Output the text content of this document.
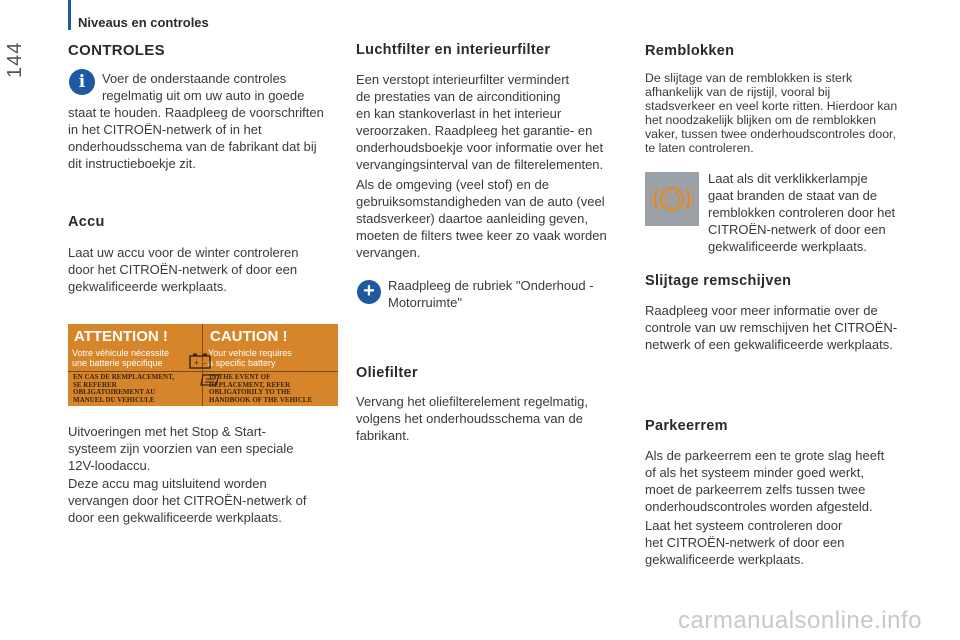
Niveaus en controles
144	CONTROLES
i	Voer de onderstaande controles

regelmatig uit om uw auto in goede

staat te houden. Raadpleeg de voorschriften

in het CITROËN-netwerk of in het

onderhoudsschema van de fabrikant dat bij

dit instructieboekje zit.

Accu

Laat uw accu voor de winter controleren

door het CITROËN-netwerk of door een

gekwalificeerde werkplaats.

ATTENTION !
Votre véhicule nécessite
une batterie spécifique
EN CAS DE REMPLACEMENT,
SE REFERER
OBLIGATOIREMENT AU
MANUEL DU VEHICULE
CAUTION !
Your vehicle requires
a specific battery
IN THE EVENT OF
REPLACEMENT, REFER
OBLIGATORILY TO THE
HANDBOOK OF THE VEHICLE
+ –

Uitvoeringen met het Stop & Start-

systeem zijn voorzien van een speciale

12V-loodaccu.

Deze accu mag uitsluitend worden

vervangen door het CITROËN-netwerk of

door een gekwalificeerde werkplaats.

Luchtfilter en interieurfilter

Een verstopt interieurfilter vermindert

de prestaties van de airconditioning

en kan stankoverlast in het interieur

veroorzaken. Raadpleeg het garantie- en

onderhoudsboekje voor informatie over het

vervangingsinterval van de filterelementen.

Als de omgeving (veel stof) en de

gebruiksomstandigheden van de auto (veel

stadsverkeer) daartoe aanleiding geven,

moeten de filters twee keer zo vaak worden

vervangen.

+	Raadpleeg de rubriek "Onderhoud -

Motorruimte"

Oliefilter

Vervang het oliefilterelement regelmatig,

volgens het onderhoudsschema van de

fabrikant.

Remblokken

De slijtage van de remblokken is sterk

afhankelijk van de rijstijl, vooral bij

stadsverkeer en veel korte ritten. Hierdoor kan

het noodzakelijk blijken om de remblokken

vaker, tussen twee onderhoudscontroles door,

te laten controleren.

Laat als dit verklikkerlampje

gaat branden de staat van de

remblokken controleren door het

CITROËN-netwerk of door een

gekwalificeerde werkplaats.

Slijtage remschijven

Raadpleeg voor meer informatie over de

controle van uw remschijven het CITROËN-

netwerk of een gekwalificeerde werkplaats.

Parkeerrem

Als de parkeerrem een te grote slag heeft

of als het systeem minder goed werkt,

moet de parkeerrem zelfs tussen twee

onderhoudscontroles worden afgesteld.

Laat het systeem controleren door

het CITROËN-netwerk of door een

gekwalificeerde werkplaats.

carmanualsonline.info
